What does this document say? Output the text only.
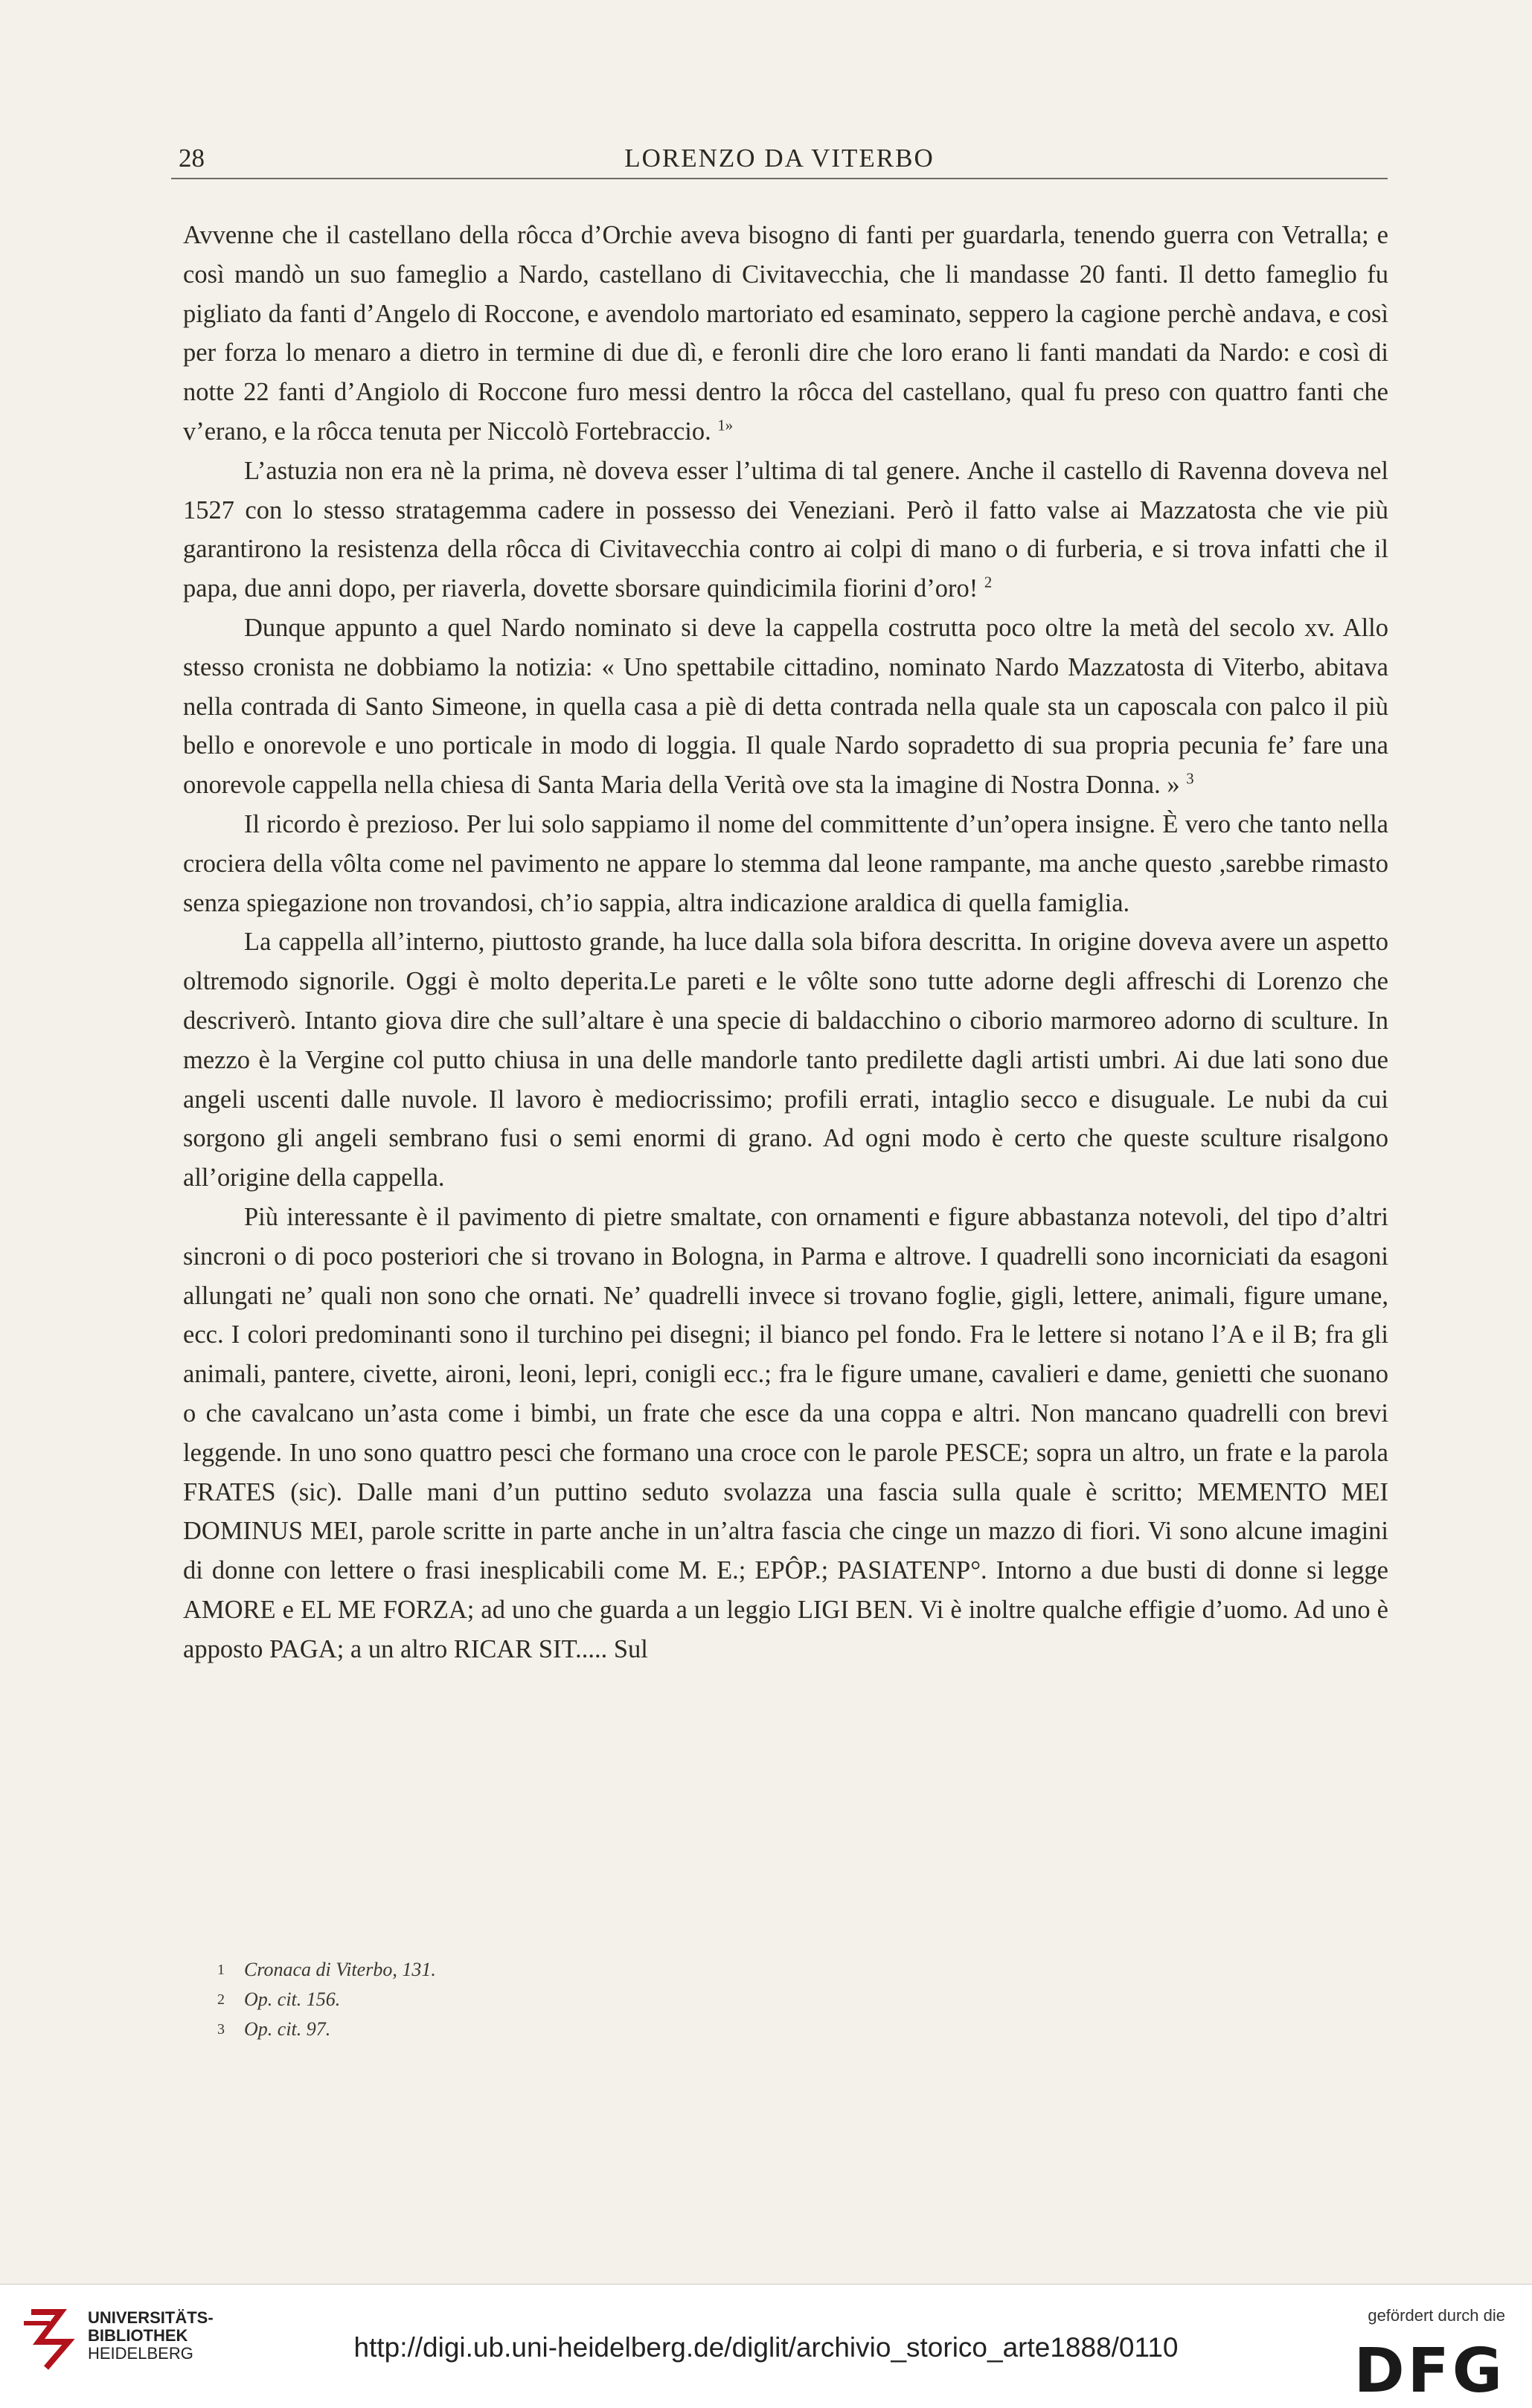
28	LORENZO DA VITERBO

Avvenne che il castellano della rôcca d’Orchie aveva bisogno di fanti per guardarla, tenendo guerra con Vetralla; e così mandò un suo fameglio a Nardo, castellano di Civitavecchia, che li mandasse 20 fanti. Il detto fameglio fu pigliato da fanti d’Angelo di Roccone, e avendolo martoriato ed esaminato, seppero la cagione perchè andava, e così per forza lo menaro a dietro in termine di due dì, e feronli dire che loro erano li fanti mandati da Nardo: e così di notte 22 fanti d’Angiolo di Roccone furo messi dentro la rôcca del castellano, qual fu preso con quattro fanti che v’erano, e la rôcca tenuta per Niccolò Fortebraccio. $^{1»}$

L’astuzia non era nè la prima, nè doveva esser l’ultima di tal genere. Anche il castello di Ravenna doveva nel 1527 con lo stesso stratagemma cadere in possesso dei Veneziani. Però il fatto valse ai Mazzatosta che vie più garantirono la resistenza della rôcca di Civitavecchia contro ai colpi di mano o di furberia, e si trova infatti che il papa, due anni dopo, per riaverla, dovette sborsare quindicimila fiorini d’oro! $^2$

Dunque appunto a quel Nardo nominato si deve la cappella costrutta poco oltre la metà del secolo xv. Allo stesso cronista ne dobbiamo la notizia: « Uno spettabile cittadino, nominato Nardo Mazzatosta di Viterbo, abitava nella contrada di Santo Simeone, in quella casa a piè di detta contrada nella quale sta un caposcala con palco il più bello e onorevole e uno porticale in modo di loggia. Il quale Nardo sopradetto di sua propria pecunia fe’ fare una onorevole cappella nella chiesa di Santa Maria della Verità ove sta la imagine di Nostra Donna. » $^3$

Il ricordo è prezioso. Per lui solo sappiamo il nome del committente d’un’opera insigne. È vero che tanto nella crociera della vôlta come nel pavimento ne appare lo stemma dal leone rampante, ma anche questo ,sarebbe rimasto senza spiegazione non trovandosi, ch’io sappia, altra indicazione araldica di quella famiglia.

La cappella all’interno, piuttosto grande, ha luce dalla sola bifora descritta. In origine doveva avere un aspetto oltremodo signorile. Oggi è molto deperita.Le pareti e le vôlte sono tutte adorne degli affreschi di Lorenzo che descriverò. Intanto giova dire che sull’altare è una specie di baldacchino o ciborio marmoreo adorno di sculture. In mezzo è la Vergine col putto chiusa in una delle mandorle tanto predilette dagli artisti umbri. Ai due lati sono due angeli uscenti dalle nuvole. Il lavoro è mediocrissimo; profili errati, intaglio secco e disuguale. Le nubi da cui sorgono gli angeli sembrano fusi o semi enormi di grano. Ad ogni modo è certo che queste sculture risalgono all’origine della cappella.

Più interessante è il pavimento di pietre smaltate, con ornamenti e figure abbastanza notevoli, del tipo d’altri sincroni o di poco posteriori che si trovano in Bologna, in Parma e altrove. I quadrelli sono incorniciati da esagoni allungati ne’ quali non sono che ornati. Ne’ quadrelli invece si trovano foglie, gigli, lettere, animali, figure umane, ecc. I colori predominanti sono il turchino pei disegni; il bianco pel fondo. Fra le lettere si notano l’A e il B; fra gli animali, pantere, civette, aironi, leoni, lepri, conigli ecc.; fra le figure umane, cavalieri e dame, genietti che suonano o che cavalcano un’asta come i bimbi, un frate che esce da una coppa e altri. Non mancano quadrelli con brevi leggende. In uno sono quattro pesci che formano una croce con le parole PESCE; sopra un altro, un frate e la parola FRATES (sic). Dalle mani d’un puttino seduto svolazza una fascia sulla quale è scritto; MEMENTO MEI DOMINUS MEI, parole scritte in parte anche in un’altra fascia che cinge un mazzo di fiori. Vi sono alcune imagini di donne con lettere o frasi inesplicabili come M. E.; EPÔP.; PASIATENP°. Intorno a due busti di donne si legge AMORE e EL ME FORZA; ad uno che guarda a un leggio LIGI BEN. Vi è inoltre qualche effigie d’uomo. Ad uno è apposto PAGA; a un altro RICAR SIT..... Sul

1	Cronaca di Viterbo, 131.
2	Op. cit. 156.
3	Op. cit. 97.
UNIVERSITÄTS-
BIBLIOTHEK
HEIDELBERG	http://digi.ub.uni-heidelberg.de/diglit/archivio_storico_arte1888/0110
gefördert durch die
DFG
